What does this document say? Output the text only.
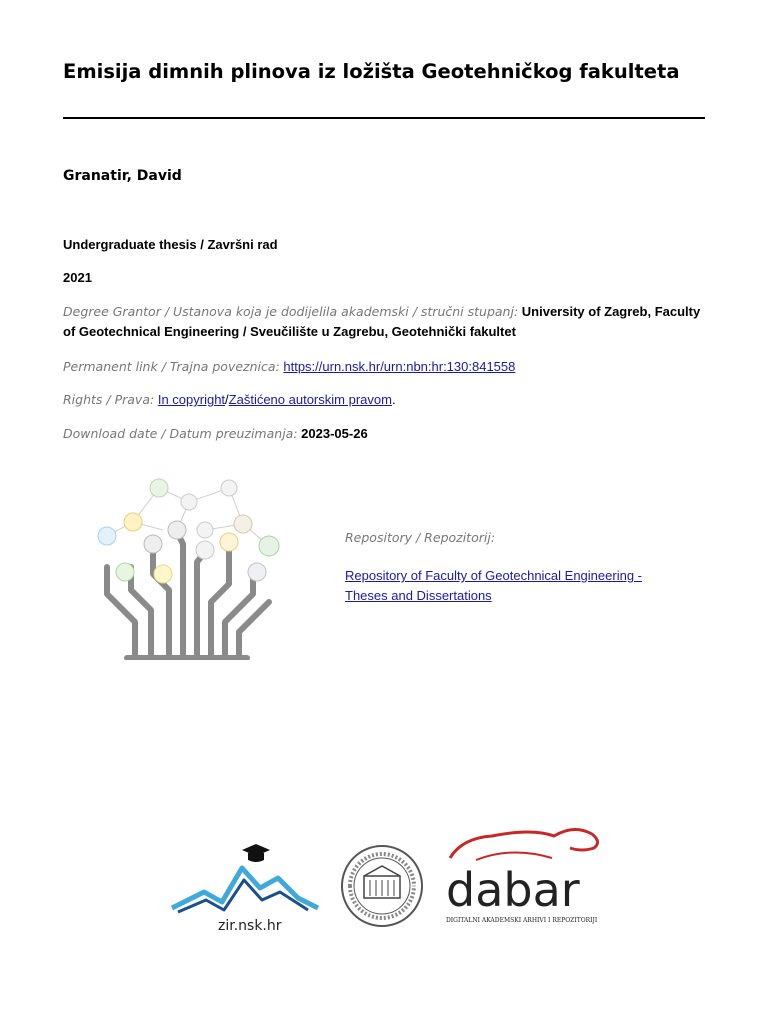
Emisija dimnih plinova iz ložišta Geotehničkog fakulteta
Granatir, David
Undergraduate thesis / Završni rad
2021
Degree Grantor / Ustanova koja je dodijelila akademski / stručni stupanj: University of Zagreb, Faculty of Geotechnical Engineering / Sveučilište u Zagrebu, Geotehnički fakultet
Permanent link / Trajna poveznica: https://urn.nsk.hr/urn:nbn:hr:130:841558
Rights / Prava: In copyright/Zaštićeno autorskim pravom.
Download date / Datum preuzimanja: 2023-05-26
Repository / Repozitorij:
Repository of Faculty of Geotechnical Engineering - Theses and Dissertations
zir.nsk.hr
dabar
DIGITALNI AKADEMSKI ARHIVI I REPOZITORIJI
